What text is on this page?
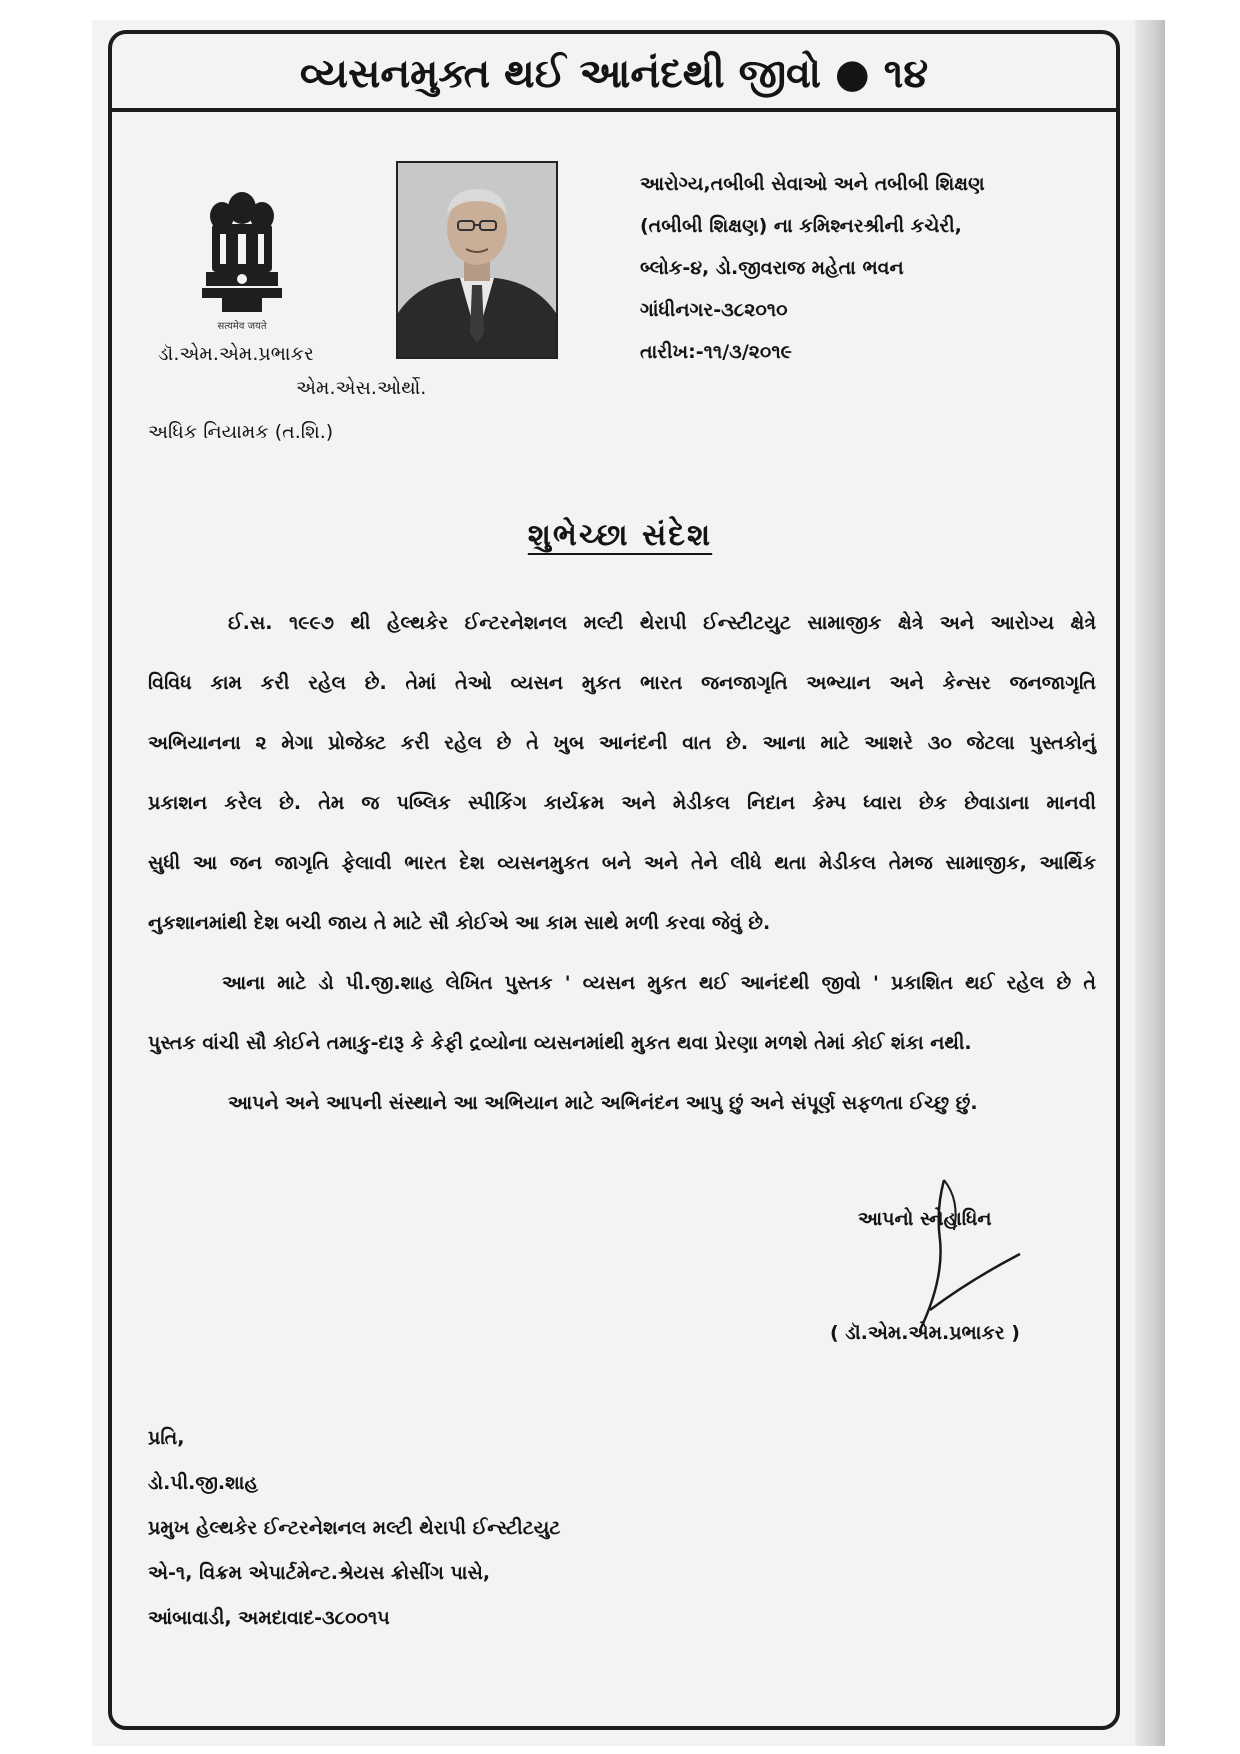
વ્યસનમુક્ત થઈ આનંદથી જીવો ● ૧૪
सत्यमेव जयते
આરોગ્ય,તબીબી સેવાઓ અને તબીબી શિક્ષણ
(તબીબી શિક્ષણ) ના કમિશ્નરશ્રીની કચેરી,
બ્લોક-૪, ડો.જીવરાજ મહેતા ભવન
ગાંધીનગર-૩૮૨૦૧૦
તારીખ:-૧૧/૩/૨૦૧૯
ડૉ.એમ.એમ.પ્રભાકર
એમ.એસ.ઓર્થો.
અધિક નિયામક (ત.શિ.)
શુભેચ્છા સંદેશ
ઈ.સ. ૧૯૯૭ થી હેલ્થકેર ઈન્ટરનેશનલ મલ્ટી થેરાપી ઈન્સ્ટીટયુટ સામાજીક ક્ષેત્રે અને આરોગ્ય ક્ષેત્રે
વિવિધ કામ કરી રહેલ છે. તેમાં તેઓ વ્યસન મુકત ભારત જનજાગૃતિ અભ્યાન અને કેન્સર જનજાગૃતિ
અભિયાનના ૨ મેગા પ્રોજેક્ટ કરી રહેલ છે તે ખુબ આનંદની વાત છે. આના માટે આશરે ૩૦ જેટલા પુસ્તકોનું
પ્રકાશન કરેલ છે. તેમ જ પબ્લિક સ્પીકિંગ કાર્યક્રમ અને મેડીકલ નિદાન કેમ્પ ધ્વારા છેક છેવાડાના માનવી
સુધી આ જન જાગૃતિ ફેલાવી ભારત દેશ વ્યસનમુકત બને અને તેને લીધે થતા મેડીકલ તેમજ સામાજીક, આર્થિક
નુકશાનમાંથી દેશ બચી જાય તે માટે સૌ કોઈએ આ કામ સાથે મળી કરવા જેવું છે.
આના માટે ડો પી.જી.શાહ લેખિત પુસ્તક ' વ્યસન મુકત થઈ આનંદથી જીવો ' પ્રકાશિત થઈ રહેલ છે તે
પુસ્તક વાંચી સૌ કોઈને તમાકુ-દારૂ કે કેફી દ્રવ્યોના વ્યસનમાંથી મુકત થવા પ્રેરણા મળશે તેમાં કોઈ શંકા નથી.
આપને અને આપની સંસ્થાને આ અભિયાન માટે અભિનંદન આપુ છું અને સંપૂર્ણ સફળતા ઈચ્છુ છું.
આપનો સ્નેહાધિન
( ડૉ.એમ.એમ.પ્રભાકર )
પ્રતિ,
ડો.પી.જી.શાહ
પ્રમુખ હેલ્થકેર ઈન્ટરનેશનલ મલ્ટી થેરાપી ઈન્સ્ટીટયુટ
એ-૧, વિક્રમ એપાર્ટમેન્ટ.શ્રેયસ ક્રોસીંગ પાસે,
આંબાવાડી, અમદાવાદ-૩૮૦૦૧૫
